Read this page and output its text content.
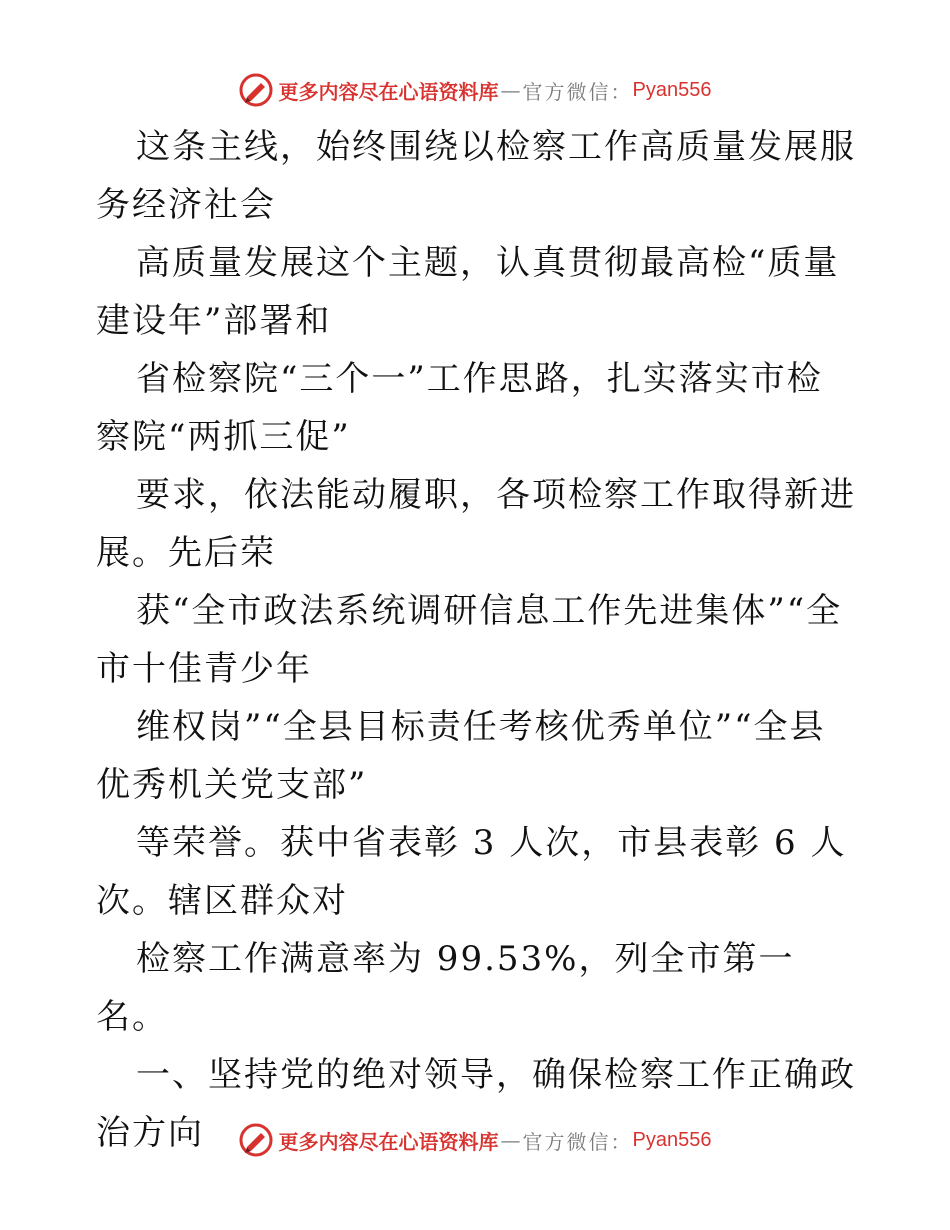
更多内容尽在心语资料库 — 官方微信： Pyan556

这条主线，始终围绕以检察工作高质量发展服务经济社会

高质量发展这个主题，认真贯彻最高检“质量建设年”部署和

省检察院“三个一”工作思路，扎实落实市检察院“两抓三促”

要求，依法能动履职，各项检察工作取得新进展。先后荣

获“全市政法系统调研信息工作先进集体”“全市十佳青少年

维权岗”“全县目标责任考核优秀单位”“全县优秀机关党支部”

等荣誉。获中省表彰 3 人次，市县表彰 6 人次。辖区群众对

检察工作满意率为 99.53%，列全市第一名。

一、坚持党的绝对领导，确保检察工作正确政治方向	更多内容尽在心语资料库 — 官方微信： Pyan556
